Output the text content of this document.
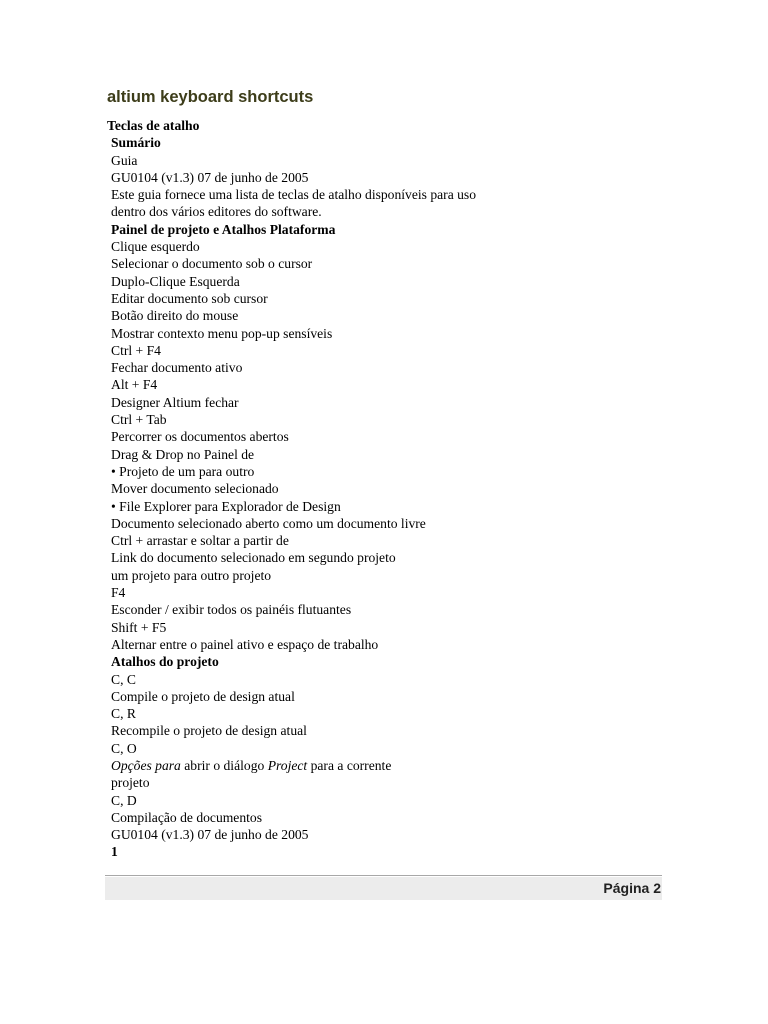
altium keyboard shortcuts
Teclas de atalho
Sumário
Guia
GU0104 (v1.3) 07 de junho de 2005
Este guia fornece uma lista de teclas de atalho disponíveis para uso
dentro dos vários editores do software.
Painel de projeto e Atalhos Plataforma
Clique esquerdo
Selecionar o documento sob o cursor
Duplo-Clique Esquerda
Editar documento sob cursor
Botão direito do mouse
Mostrar contexto menu pop-up sensíveis
Ctrl + F4
Fechar documento ativo
Alt + F4
Designer Altium fechar
Ctrl + Tab
Percorrer os documentos abertos
Drag & Drop no Painel de
• Projeto de um para outro
Mover documento selecionado
• File Explorer para Explorador de Design
Documento selecionado aberto como um documento livre
Ctrl + arrastar e soltar a partir de
Link do documento selecionado em segundo projeto
um projeto para outro projeto
F4
Esconder / exibir todos os painéis flutuantes
Shift + F5
Alternar entre o painel ativo e espaço de trabalho
Atalhos do projeto
C, C
Compile o projeto de design atual
C, R
Recompile o projeto de design atual
C, O
Opções para abrir o diálogo Project para a corrente
projeto
C, D
Compilação de documentos
GU0104 (v1.3) 07 de junho de 2005
1
Página 2
